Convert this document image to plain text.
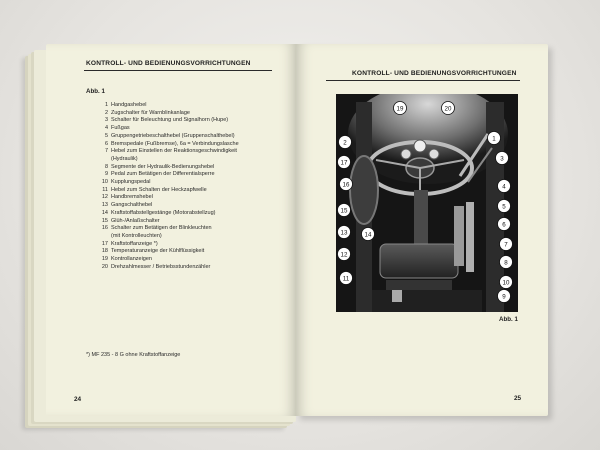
KONTROLL- UND BEDIENUNGSVORRICHTUNGEN
Abb. 1
1 Handgashebel
2 Zugschalter für Warnblinkanlage
3 Schalter für Beleuchtung und Signalhorn (Hupe)
4 Fußgas
5 Gruppengetriebeschalthebel (Gruppenschalthebel)
6 Bremspedale (Fußbremse), 6a = Verbindungslasche
7 Hebel zum Einstellen der Reaktionsgeschwindigkeit
(Hydraulik)
8 Segmente der Hydraulik-Bedienungshebel
9 Pedal zum Betätigen der Differentialsperre
10 Kupplungspedal
11 Hebel zum Schalten der Heckzapfwelle
12 Handbremshebel
13 Gangschalthebel
14 Kraftstoffabstellgestänge (Motorabstellzug)
15 Glüh-/Anlaßschalter
16 Schalter zum Betätigen der Blinkleuchten
(mit Kontrolleuchten)
17 Kraftstoffanzeige *)
18 Temperaturanzeige der Kühlflüssigkeit
19 Kontrollanzeigen
20 Drehzahlmesser / Betriebsstundenzähler
*) MF 235 - 8 G ohne Kraftstoffanzeige
24
KONTROLL- UND BEDIENUNGSVORRICHTUNGEN
19	20
1
2
17
16
15
3
4
5
6
7
8
9
10
11
12
13	14
Abb. 1
25
